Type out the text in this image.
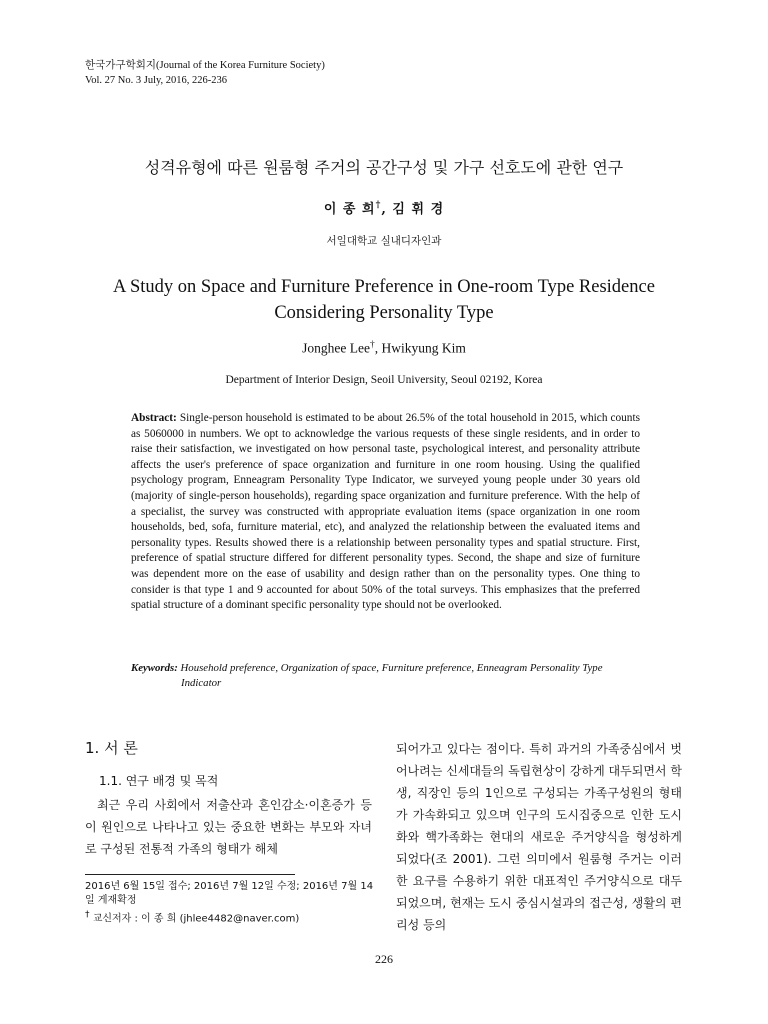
한국가구학회지(Journal of the Korea Furniture Society)
Vol. 27 No. 3 July, 2016, 226-236
성격유형에 따른 원룸형 주거의 공간구성 및 가구 선호도에 관한 연구
이 종 희†, 김 휘 경
서일대학교 실내디자인과
A Study on Space and Furniture Preference in One-room Type Residence
Considering Personality Type
Jonghee Lee†, Hwikyung Kim
Department of Interior Design, Seoil University, Seoul 02192, Korea
Abstract: Single-person household is estimated to be about 26.5% of the total household in 2015, which counts as 5060000 in numbers. We opt to acknowledge the various requests of these single residents, and in order to raise their satisfaction, we investigated on how personal taste, psychological interest, and personality attribute affects the user's preference of space organization and furniture in one room housing. Using the qualified psychology program, Enneagram Personality Type Indicator, we surveyed young people under 30 years old (majority of single-person households), regarding space organization and furniture preference. With the help of a specialist, the survey was constructed with appropriate evaluation items (space organization in one room households, bed, sofa, furniture material, etc), and analyzed the relationship between the evaluated items and personality types. Results showed there is a relationship between personality types and spatial structure. First, preference of spatial structure differed for different personality types. Second, the shape and size of furniture was dependent more on the ease of usability and design rather than on the personality types. One thing to consider is that type 1 and 9 accounted for about 50% of the total surveys. This emphasizes that the preferred spatial structure of a dominant specific personality type should not be overlooked.
Keywords: Household preference, Organization of space, Furniture preference, Enneagram Personality Type
Indicator
1. 서 론
1.1. 연구 배경 및 목적

최근 우리 사회에서 저출산과 혼인감소·이혼증가 등이 원인으로 나타나고 있는 중요한 변화는 부모와 자녀로 구성된 전통적 가족의 형태가 해체

되어가고 있다는 점이다. 특히 과거의 가족중심에서 벗어나려는 신세대들의 독립현상이 강하게 대두되면서 학생, 직장인 등의 1인으로 구성되는 가족구성원의 형태가 가속화되고 있으며 인구의 도시집중으로 인한 도시화와 핵가족화는 현대의 새로운 주거양식을 형성하게 되었다(조 2001). 그런 의미에서 원룸형 주거는 이러한 요구를 수용하기 위한 대표적인 주거양식으로 대두되었으며, 현재는 도시 중심시설과의 접근성, 생활의 편리성 등의

2016년 6월 15일 접수; 2016년 7월 12일 수정; 2016년 7월 14일 게재확정
† 교신저자 : 이 종 희 (jhlee4482@naver.com)
226
